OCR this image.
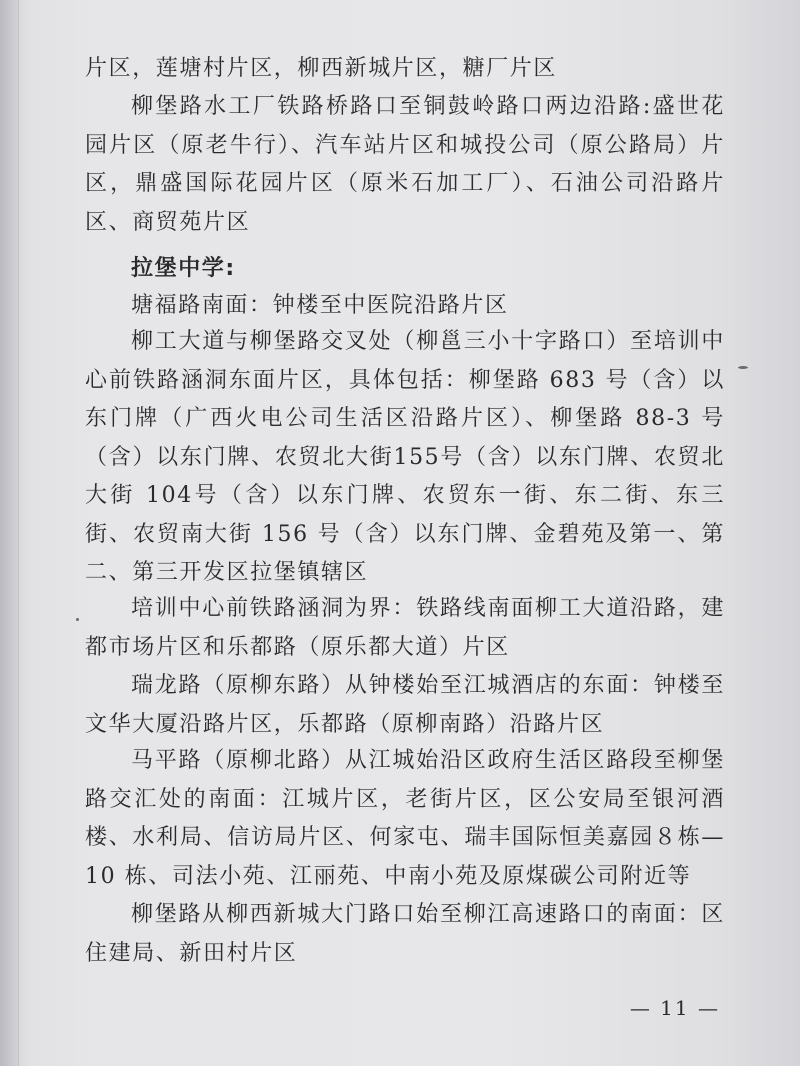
片区，莲塘村片区，柳西新城片区，糖厂片区

柳堡路水工厂铁路桥路口至铜鼓岭路口两边沿路:盛世花园片区（原老牛行）、汽车站片区和城投公司（原公路局）片区，鼎盛国际花园片区（原米石加工厂）、石油公司沿路片区、商贸苑片区

拉堡中学:

塘福路南面：钟楼至中医院沿路片区

柳工大道与柳堡路交叉处（柳邕三小十字路口）至培训中心前铁路涵洞东面片区，具体包括：柳堡路 683 号（含）以东门牌（广西火电公司生活区沿路片区）、柳堡路 88-3 号（含）以东门牌、农贸北大街155号（含）以东门牌、农贸北大街 104号（含）以东门牌、农贸东一街、东二街、东三街、农贸南大街 156 号（含）以东门牌、金碧苑及第一、第二、第三开发区拉堡镇辖区

培训中心前铁路涵洞为界：铁路线南面柳工大道沿路，建都市场片区和乐都路（原乐都大道）片区

瑞龙路（原柳东路）从钟楼始至江城酒店的东面：钟楼至文华大厦沿路片区，乐都路（原柳南路）沿路片区

马平路（原柳北路）从江城始沿区政府生活区路段至柳堡路交汇处的南面：江城片区，老街片区，区公安局至银河酒楼、水利局、信访局片区、何家屯、瑞丰国际恒美嘉园８栋—10 栋、司法小苑、江丽苑、中南小苑及原煤碳公司附近等

柳堡路从柳西新城大门路口始至柳江高速路口的南面：区住建局、新田村片区

— 11 —
